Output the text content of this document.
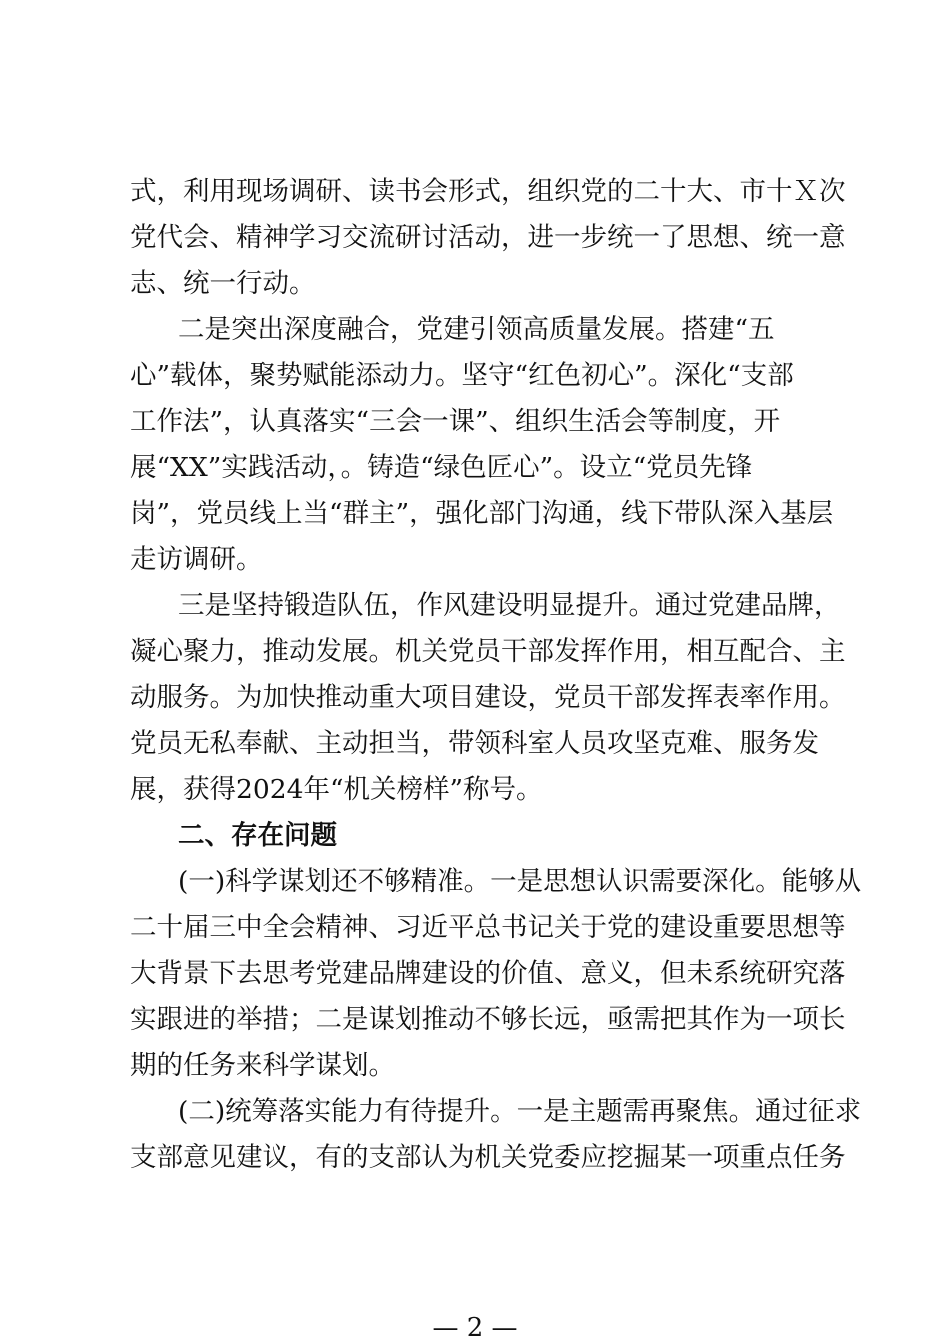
式，利用现场调研、读书会形式，组织党的二十大、市十Ｘ次
党代会、精神学习交流研讨活动，进一步统一了思想、统一意
志、统一行动。
二是突出深度融合，党建引领高质量发展。搭建“五
心”载体，聚势赋能添动力。坚守“红色初心”。深化“支部
工作法”，认真落实“三会一课”、组织生活会等制度，开
展“XX”实践活动，。铸造“绿色匠心”。设立“党员先锋
岗”，党员线上当“群主”，强化部门沟通，线下带队深入基层
走访调研。
三是坚持锻造队伍，作风建设明显提升。通过党建品牌，
凝心聚力，推动发展。机关党员干部发挥作用，相互配合、主
动服务。为加快推动重大项目建设，党员干部发挥表率作用。
党员无私奉献、主动担当，带领科室人员攻坚克难、服务发
展，获得2024年“机关榜样”称号。
二、存在问题
(一)科学谋划还不够精准。一是思想认识需要深化。能够从
二十届三中全会精神、习近平总书记关于党的建设重要思想等
大背景下去思考党建品牌建设的价值、意义，但未系统研究落
实跟进的举措；二是谋划推动不够长远，亟需把其作为一项长
期的任务来科学谋划。
(二)统筹落实能力有待提升。一是主题需再聚焦。通过征求
支部意见建议，有的支部认为机关党委应挖掘某一项重点任务
— 2 —
